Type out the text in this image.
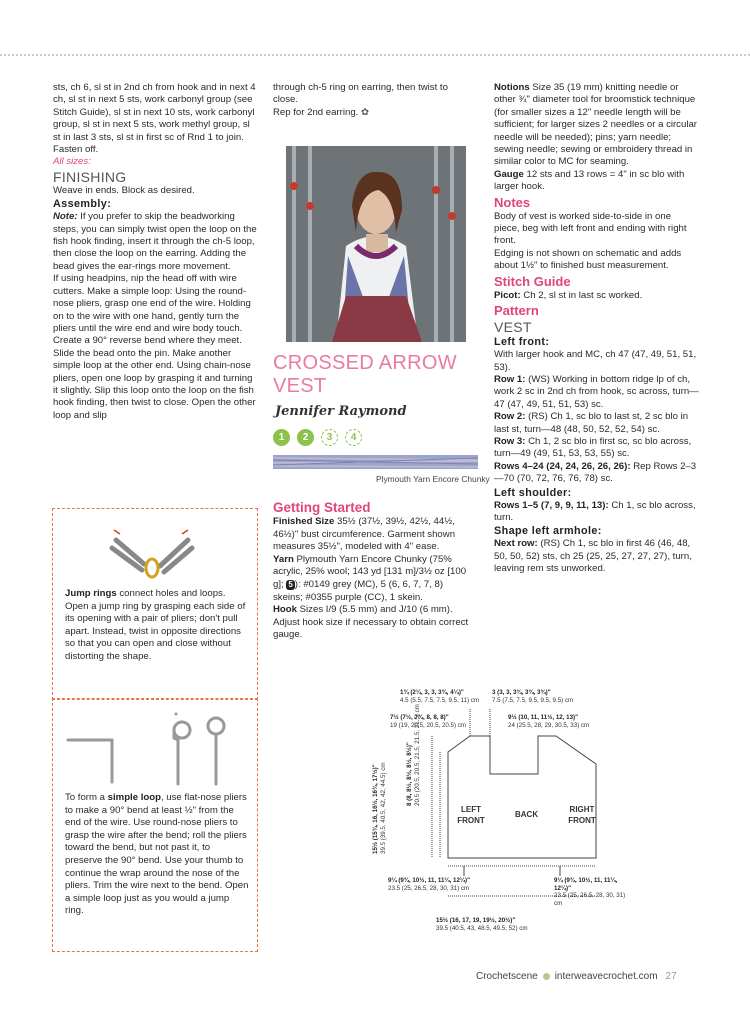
sts, ch 6, sl st in 2nd ch from hook and in next 4 ch, sl st in next 5 sts, work carbonyl group (see Stitch Guide), sl st in next 10 sts, work carbonyl group, sl st in next 5 sts, work methyl group, sl st in last 3 sts, sl st in first sc of Rnd 1 to join. Fasten off.

All sizes:

FINISHING

Weave in ends. Block as desired.

Assembly:

Note: If you prefer to skip the beadworking steps, you can simply twist open the loop on the fish hook finding, insert it through the ch-5 loop, then close the loop on the earring. Adding the bead gives the ear-rings more movement.

If using headpins, nip the head off with wire cutters. Make a simple loop: Using the round-nose pliers, grasp one end of the wire. Holding on to the wire with one hand, gently turn the pliers until the wire end and wire body touch. Create a 90° reverse bend where they meet. Slide the bead onto the pin. Make another simple loop at the other end. Using chain-nose pliers, open one loop by grasping it and turning it slightly. Slip this loop onto the loop on the fish hook finding, then twist to close. Open the other loop and slip

Jump rings connect holes and loops. Open a jump ring by grasping each side of its opening with a pair of pliers; don't pull apart. Instead, twist in opposite directions so that you can open and close without distorting the shape.
To form a simple loop, use flat-nose pliers to make a 90° bend at least ½" from the end of the wire. Use round-nose pliers to grasp the wire after the bend; roll the pliers toward the bend, but not past it, to preserve the 90° bend. Use your thumb to continue the wrap around the nose of the pliers. Trim the wire next to the bend. Open a simple loop just as you would a jump ring.

through ch-5 ring on earring, then twist to close.

Rep for 2nd earring. ✿

CROSSED ARROW VEST
Jennifer Raymond
1	2	3	4
Plymouth Yarn Encore Chunky
Getting Started
Finished Size 35½ (37½, 39½, 42½, 44½, 46½)" bust circumference. Garment shown measures 35½", modeled with 4" ease.
Yarn Plymouth Yarn Encore Chunky (75% acrylic, 25% wool; 143 yd [131 m]/3½ oz [100 g]; 5 ): #0149 grey (MC), 5 (6, 6, 7, 7, 8) skeins; #0355 purple (CC), 1 skein.
Hook Sizes I/9 (5.5 mm) and J/10 (6 mm). Adjust hook size if necessary to obtain correct gauge.

Notions Size 35 (19 mm) knitting needle or other ¾" diameter tool for broomstick technique (for smaller sizes a 12" needle length will be sufficient; for larger sizes 2 needles or a circular needle will be needed); pins; yarn needle; sewing needle; sewing or embroidery thread in similar color to MC for seaming.

Gauge 12 sts and 13 rows = 4" in sc blo with larger hook.

Notes

Body of vest is worked side-to-side in one piece, beg with left front and ending with right front.

Edging is not shown on schematic and adds about 1½" to finished bust measurement.

Stitch Guide

Picot: Ch 2, sl st in last sc worked.

Pattern

VEST

Left front:

With larger hook and MC, ch 47 (47, 49, 51, 51, 53).

Row 1: (WS) Working in bottom ridge lp of ch, work 2 sc in 2nd ch from hook, sc across, turn—47 (47, 49, 51, 51, 53) sc.

Row 2: (RS) Ch 1, sc blo to last st, 2 sc blo in last st, turn—48 (48, 50, 52, 52, 54) sc.

Row 3: Ch 1, 2 sc blo in first sc, sc blo across, turn—49 (49, 51, 53, 53, 55) sc.

Rows 4–24 (24, 24, 26, 26, 26): Rep Rows 2–3—70 (70, 72, 76, 76, 78) sc.

Left shoulder:

Rows 1–5 (7, 9, 9, 11, 13): Ch 1, sc blo across, turn.

Shape left armhole:

Next row: (RS) Ch 1, sc blo in first 46 (46, 48, 50, 50, 52) sts, ch 25 (25, 25, 27, 27, 27), turn, leaving rem sts unworked.

1¾ (2¼, 3, 3, 3¾, 4¼)"
4.5 (5.5, 7.5, 7.5, 9.5, 11) cm
3 (3, 3, 3¾, 3¾, 3¾)"
7.5 (7.5, 7.5, 9.5, 9.5, 9.5) cm
7½ (7½, 7¾, 8, 8, 8)"
19 (19, 20.5, 20.5, 20.5) cm
9½ (10, 11, 11½, 12, 13)"
24 (25.5, 28, 29, 30.5, 33) cm
8 (8, 8½, 8½, 8½, 8½)" 20.5 (20.5, 20.5, 21.5, 21.5, 21.5) cm
15½ (15¾, 16, 16½, 16¾, 17½)" 39.5 (39.5, 40.5, 42, 42, 44.5) cm	LEFT FRONT
BACK
RIGHT FRONT
9¼ (9¾, 10½, 11, 11¼, 12¼)"
23.5 (25, 26.5, 28, 30, 31) cm
9¼ (9¾, 10½, 11, 11¼, 12¼)"
23.5 (25, 26.5, 28, 30, 31) cm
15½ (16, 17, 19, 19½, 20½)"
39.5 (40.5, 43, 48.5, 49.5, 52) cm
Crochetscene interweavecrochet.com 27
